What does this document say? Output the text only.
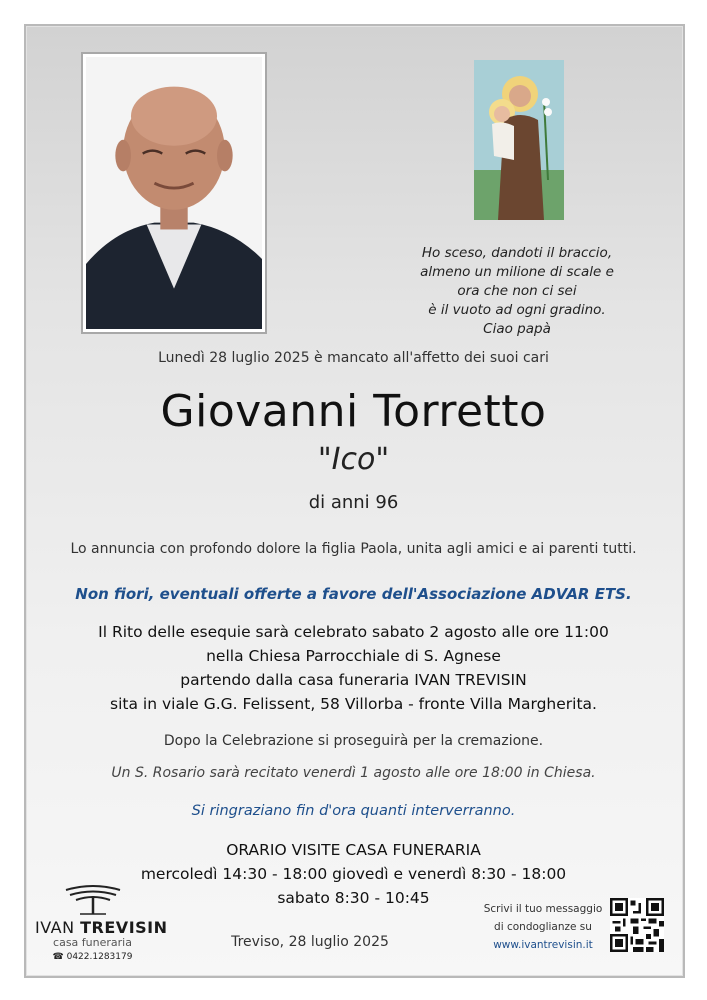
Ho sceso, dandoti il braccio,
almeno un milione di scale e
ora che non ci sei
è il vuoto ad ogni gradino.
Ciao papà
Lunedì 28 luglio 2025 è mancato all'affetto dei suoi cari
Giovanni Torretto
"Ico"
di anni 96
Lo annuncia con profondo dolore la figlia Paola, unita agli amici e ai parenti tutti.
Non fiori, eventuali offerte a favore dell'Associazione ADVAR ETS.
Il Rito delle esequie sarà celebrato sabato 2 agosto alle ore 11:00
nella Chiesa Parrocchiale di S. Agnese
partendo dalla casa funeraria IVAN TREVISIN
sita in viale G.G. Felissent, 58 Villorba - fronte Villa Margherita.
Dopo la Celebrazione si proseguirà per la cremazione.
Un S. Rosario sarà recitato venerdì 1 agosto alle ore 18:00 in Chiesa.
Si ringraziano fin d'ora quanti interverranno.
ORARIO VISITE CASA FUNERARIA
mercoledì 14:30 - 18:00 giovedì e venerdì 8:30 - 18:00
sabato 8:30 - 10:45
IVAN TREVISIN
casa funeraria
☎ 0422.1283179
Treviso, 28 luglio 2025
Scrivi il tuo messaggio
di condoglianze su
www.ivantrevisin.it
